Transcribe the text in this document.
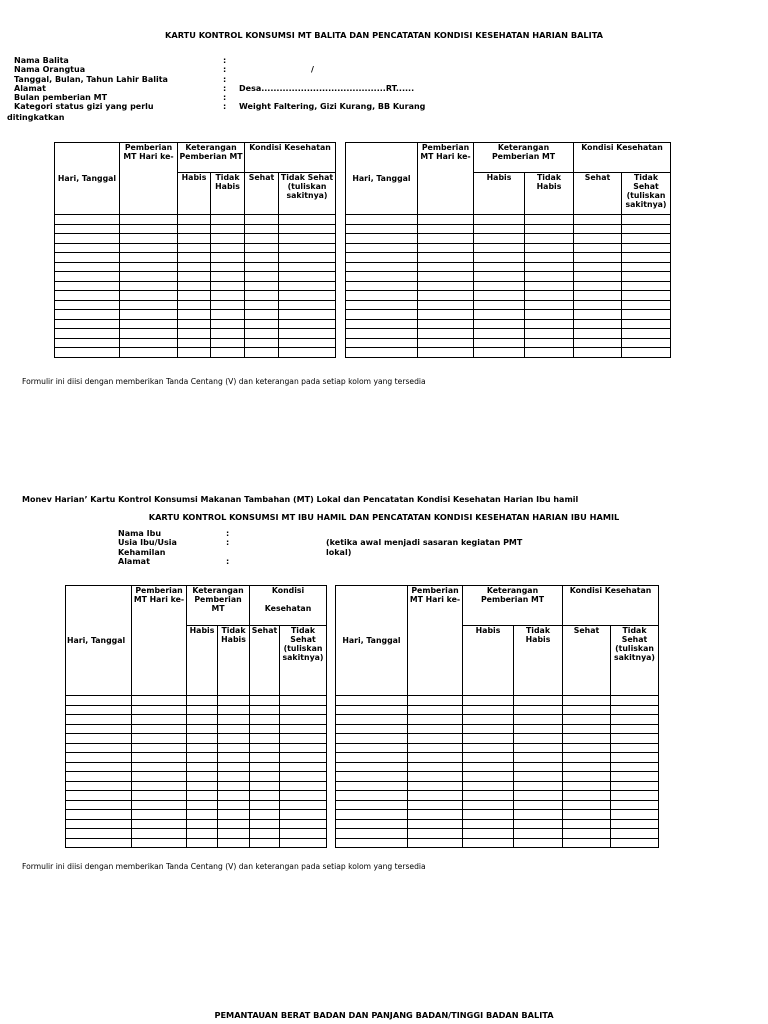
KARTU KONTROL KONSUMSI MT BALITA DAN PENCATATAN KONDISI KESEHATAN HARIAN BALITA
Nama Balita	:
Nama Orangtua	:	/
Tanggal, Bulan, Tahun Lahir Balita	:
Alamat	:	Desa.........................................RT......
Bulan pemberian MT	:
Kategori status gizi yang perlu	:	Weight Faltering, Gizi Kurang, BB Kurang
ditingkatkan
Hari, Tanggal	Pemberian MT Hari ke-	Keterangan Pemberian MT		Kondisi Kesehatan	
		Habis	Tidak Habis	Sehat	Tidak Sehat (tuliskan sakitnya)

Hari, Tanggal	Pemberian MT Hari ke-	Keterangan Pemberian MT		Kondisi Kesehatan	
		Habis	Tidak Habis	Sehat	Tidak Sehat (tuliskan sakitnya)

Formulir ini diisi dengan memberikan Tanda Centang (V) dan keterangan pada setiap kolom yang tersedia
Monev Harian’ Kartu Kontrol Konsumsi Makanan Tambahan (MT) Lokal dan Pencatatan Kondisi Kesehatan Harian Ibu hamil
KARTU KONTROL KONSUMSI MT IBU HAMIL DAN PENCATATAN KONDISI KESEHATAN HARIAN IBU HAMIL
Nama Ibu	:
Usia Ibu/Usia Kehamilan
:	(ketika awal menjadi sasaran kegiatan PMT lokal)
Alamat	:
Hari, Tanggal	Pemberian MT Hari ke-	Keterangan Pemberian MT		Kondisi
Kesehatan	

		Habis	Tidak Habis	Sehat	Tidak Sehat (tuliskan sakitnya)

Hari, Tanggal	Pemberian MT Hari ke-	Keterangan Pemberian MT		Kondisi Kesehatan	
		Habis	Tidak Habis	Sehat	Tidak Sehat (tuliskan sakitnya)

Formulir ini diisi dengan memberikan Tanda Centang (V) dan keterangan pada setiap kolom yang tersedia
PEMANTAUAN BERAT BADAN DAN PANJANG BADAN/TINGGI BADAN BALITA
